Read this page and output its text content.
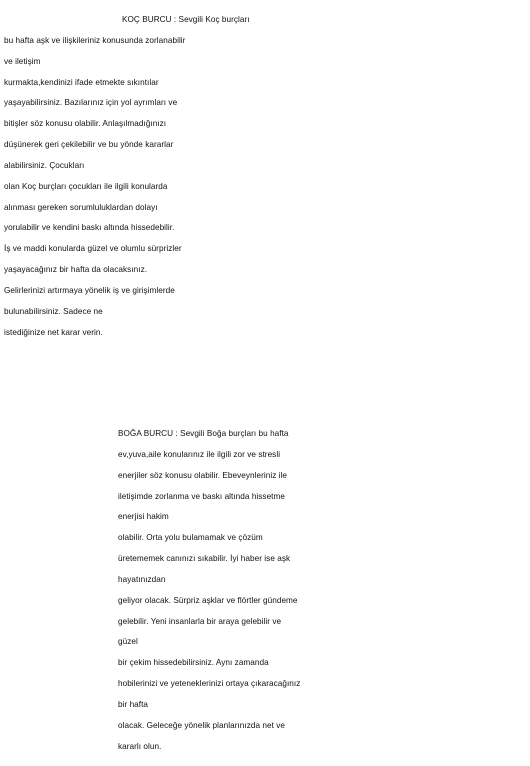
KOÇ BURCU : Sevgili Koç burçları
bu hafta aşk ve ilişkileriniz konusunda zorlanabilir
ve iletişim
kurmakta,kendinizi ifade etmekte sıkıntılar
yaşayabilirsiniz. Bazılarınız için yol ayrımları ve
bitişler söz konusu olabilir. Anlaşılmadığınızı
düşünerek geri çekilebilir ve bu yönde kararlar
alabilirsiniz. Çocukları
olan Koç burçları çocukları ile ilgili konularda
alınması gereken sorumluluklardan dolayı
yorulabilir ve kendini baskı altında hissedebilir.
İş ve maddi konularda güzel ve olumlu sürprizler
yaşayacağınız bir hafta da olacaksınız.
Gelirlerinizi artırmaya yönelik iş ve girişimlerde
bulunabilirsiniz. Sadece ne
istediğinize net karar verin.
BOĞA BURCU : Sevgili Boğa burçları bu hafta
ev,yuva,aile konularınız ile ilgili zor ve stresli
enerjiler söz konusu olabilir. Ebeveynleriniz ile
iletişimde zorlanma ve baskı altında hissetme
enerjisi hakim
olabilir. Orta yolu bulamamak ve çözüm
üretememek canınızı sıkabilir. İyi haber ise aşk
hayatınızdan
geliyor olacak. Sürpriz aşklar ve flörtler gündeme
gelebilir. Yeni insanlarla bir araya gelebilir ve
güzel
bir çekim hissedebilirsiniz. Aynı zamanda
hobilerinizi ve yeteneklerinizi ortaya çıkaracağınız
bir hafta
olacak. Geleceğe yönelik planlarınızda net ve
kararlı olun.
